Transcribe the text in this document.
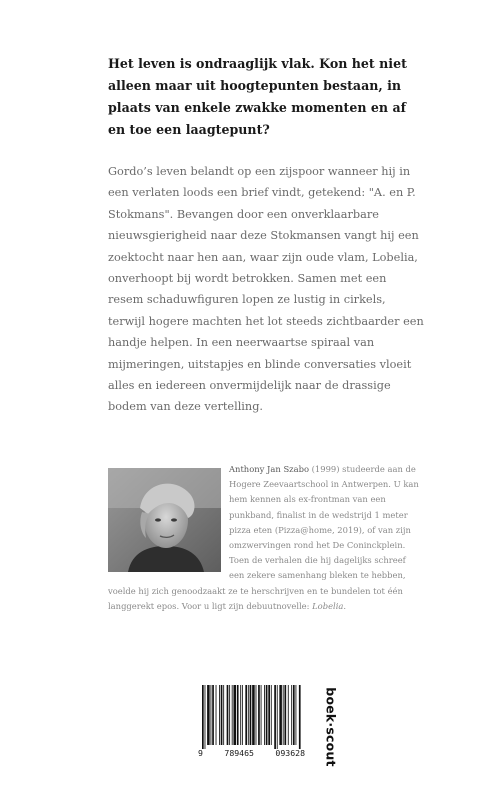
Het leven is ondraaglijk vlak. Kon het niet alleen maar uit hoogtepunten bestaan, in plaats van enkele zwakke momenten en af en toe een laagtepunt?

Gordo’s leven belandt op een zijspoor wanneer hij in een verlaten loods een brief vindt, getekend: "A. en P. Stokmans". Bevangen door een onverklaarbare nieuwsgierigheid naar deze Stokmansen vangt hij een zoektocht naar hen aan, waar zijn oude vlam, Lobelia, onverhoopt bij wordt betrokken. Samen met een resem schaduwfiguren lopen ze lustig in cirkels, terwijl hogere machten het lot steeds zichtbaarder een handje helpen. In een neerwaartse spiraal van mijmeringen, uitstapjes en blinde conversaties vloeit alles en iedereen onvermijdelijk naar de drassige bodem van deze vertelling.

Anthony Jan Szabo (1999) studeerde aan de Hogere Zeevaartschool in Antwerpen. U kan hem kennen als ex-frontman van een punkband, finalist in de wedstrijd 1 meter pizza eten (Pizza@home, 2019), of van zijn omzwervingen rond het De Coninckplein. Toen de verhalen die hij dagelijks schreef een zekere samenhang bleken te hebben, voelde hij zich genoodzaakt ze te herschrijven en te bundelen tot één langgerekt epos. Voor u ligt zijn debuutnovelle: Lobelia.

9	789465	093628 boek·scout
